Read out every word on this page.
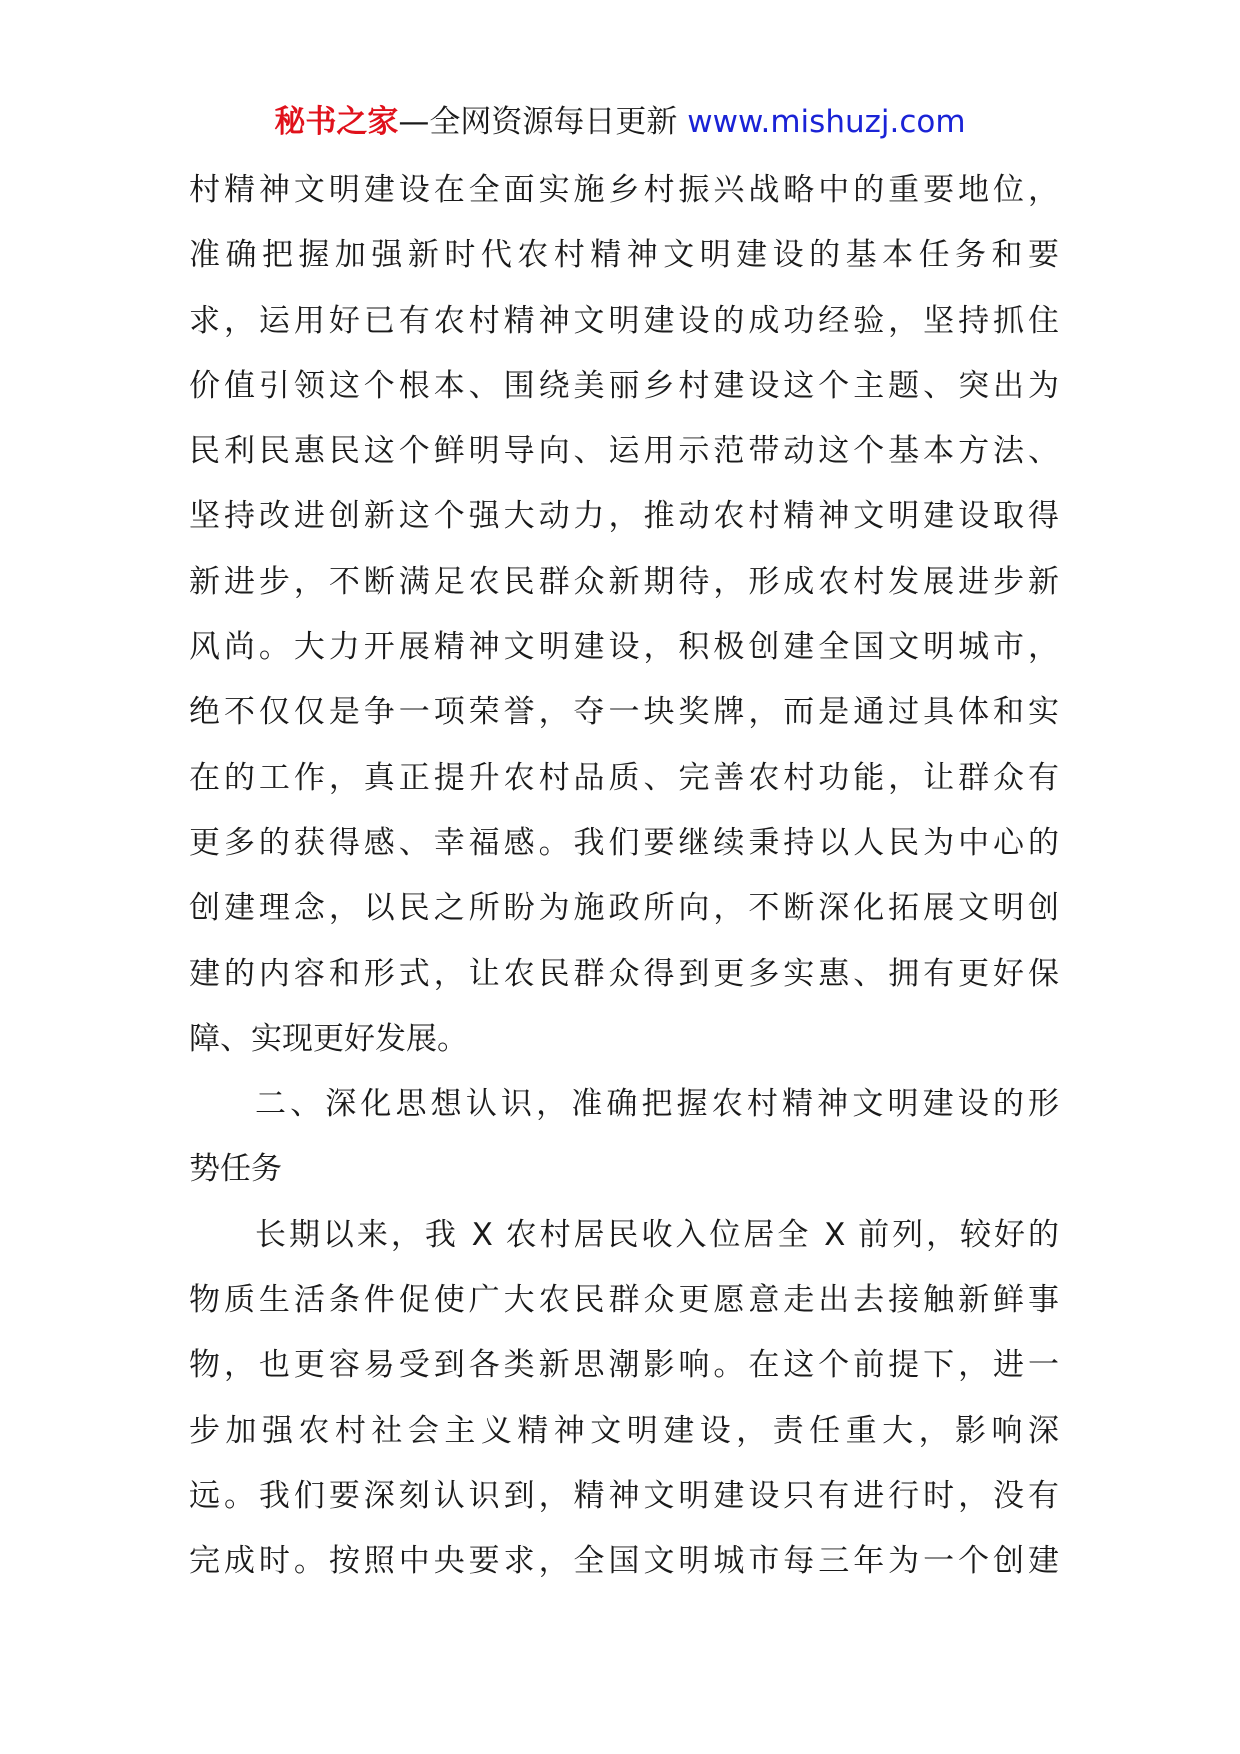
秘书之家—全网资源每日更新 www.mishuzj.com
村精神文明建设在全面实施乡村振兴战略中的重要地位，
准确把握加强新时代农村精神文明建设的基本任务和要
求，运用好已有农村精神文明建设的成功经验，坚持抓住
价值引领这个根本、围绕美丽乡村建设这个主题、突出为
民利民惠民这个鲜明导向、运用示范带动这个基本方法、
坚持改进创新这个强大动力，推动农村精神文明建设取得
新进步，不断满足农民群众新期待，形成农村发展进步新
风尚。大力开展精神文明建设，积极创建全国文明城市，
绝不仅仅是争一项荣誉，夺一块奖牌，而是通过具体和实
在的工作，真正提升农村品质、完善农村功能，让群众有
更多的获得感、幸福感。我们要继续秉持以人民为中心的
创建理念，以民之所盼为施政所向，不断深化拓展文明创
建的内容和形式，让农民群众得到更多实惠、拥有更好保
障、实现更好发展。
二、深化思想认识，准确把握农村精神文明建设的形
势任务
长期以来，我 X 农村居民收入位居全 X 前列，较好的
物质生活条件促使广大农民群众更愿意走出去接触新鲜事
物，也更容易受到各类新思潮影响。在这个前提下，进一
步加强农村社会主义精神文明建设，责任重大，影响深
远。我们要深刻认识到，精神文明建设只有进行时，没有
完成时。按照中央要求，全国文明城市每三年为一个创建
